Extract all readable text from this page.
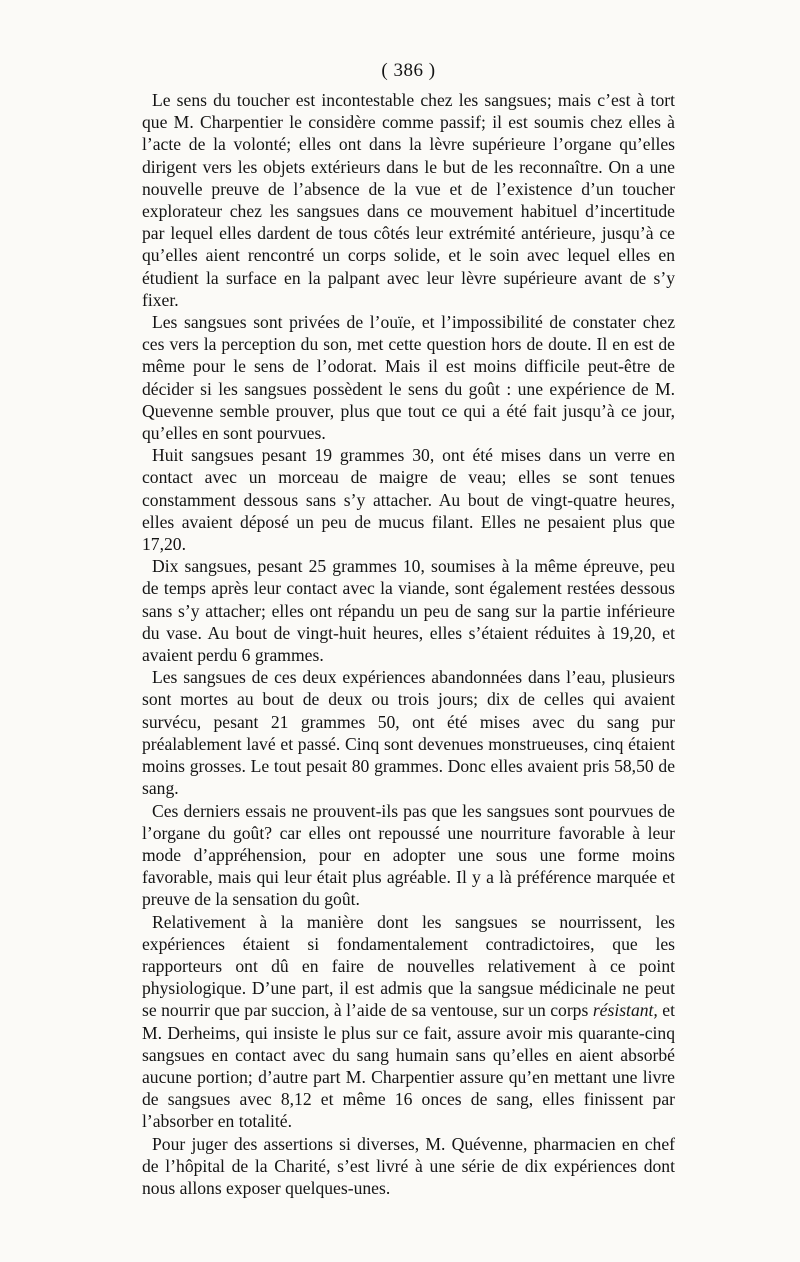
( 386 )

Le sens du toucher est incontestable chez les sangsues; mais c’est à tort que M. Charpentier le considère comme passif; il est soumis chez elles à l’acte de la volonté; elles ont dans la lèvre supérieure l’organe qu’elles dirigent vers les objets extérieurs dans le but de les reconnaître. On a une nouvelle preuve de l’absence de la vue et de l’existence d’un toucher explorateur chez les sangsues dans ce mouvement habituel d’incertitude par lequel elles dardent de tous côtés leur extrémité antérieure, jusqu’à ce qu’elles aient rencontré un corps solide, et le soin avec lequel elles en étudient la surface en la palpant avec leur lèvre supérieure avant de s’y fixer.

Les sangsues sont privées de l’ouïe, et l’impossibilité de constater chez ces vers la perception du son, met cette question hors de doute. Il en est de même pour le sens de l’odorat. Mais il est moins difficile peut-être de décider si les sangsues possèdent le sens du goût : une expérience de M. Quevenne semble prouver, plus que tout ce qui a été fait jusqu’à ce jour, qu’elles en sont pourvues.

Huit sangsues pesant 19 grammes 30, ont été mises dans un verre en contact avec un morceau de maigre de veau; elles se sont tenues constamment dessous sans s’y attacher. Au bout de vingt-quatre heures, elles avaient déposé un peu de mucus filant. Elles ne pesaient plus que 17,20.

Dix sangsues, pesant 25 grammes 10, soumises à la même épreuve, peu de temps après leur contact avec la viande, sont également restées dessous sans s’y attacher; elles ont répandu un peu de sang sur la partie inférieure du vase. Au bout de vingt-huit heures, elles s’étaient réduites à 19,20, et avaient perdu 6 grammes.

Les sangsues de ces deux expériences abandonnées dans l’eau, plusieurs sont mortes au bout de deux ou trois jours; dix de celles qui avaient survécu, pesant 21 grammes 50, ont été mises avec du sang pur préalablement lavé et passé. Cinq sont devenues monstrueuses, cinq étaient moins grosses. Le tout pesait 80 grammes. Donc elles avaient pris 58,50 de sang.

Ces derniers essais ne prouvent-ils pas que les sangsues sont pourvues de l’organe du goût? car elles ont repoussé une nourriture favorable à leur mode d’appréhension, pour en adopter une sous une forme moins favorable, mais qui leur était plus agréable. Il y a là préférence marquée et preuve de la sensation du goût.

Relativement à la manière dont les sangsues se nourrissent, les expériences étaient si fondamentalement contradictoires, que les rapporteurs ont dû en faire de nouvelles relativement à ce point physiologique. D’une part, il est admis que la sangsue médicinale ne peut se nourrir que par succion, à l’aide de sa ventouse, sur un corps résistant, et M. Derheims, qui insiste le plus sur ce fait, assure avoir mis quarante-cinq sangsues en contact avec du sang humain sans qu’elles en aient absorbé aucune portion; d’autre part M. Charpentier assure qu’en mettant une livre de sangsues avec 8,12 et même 16 onces de sang, elles finissent par l’absorber en totalité.

Pour juger des assertions si diverses, M. Quévenne, pharmacien en chef de l’hôpital de la Charité, s’est livré à une série de dix expériences dont nous allons exposer quelques-unes.
